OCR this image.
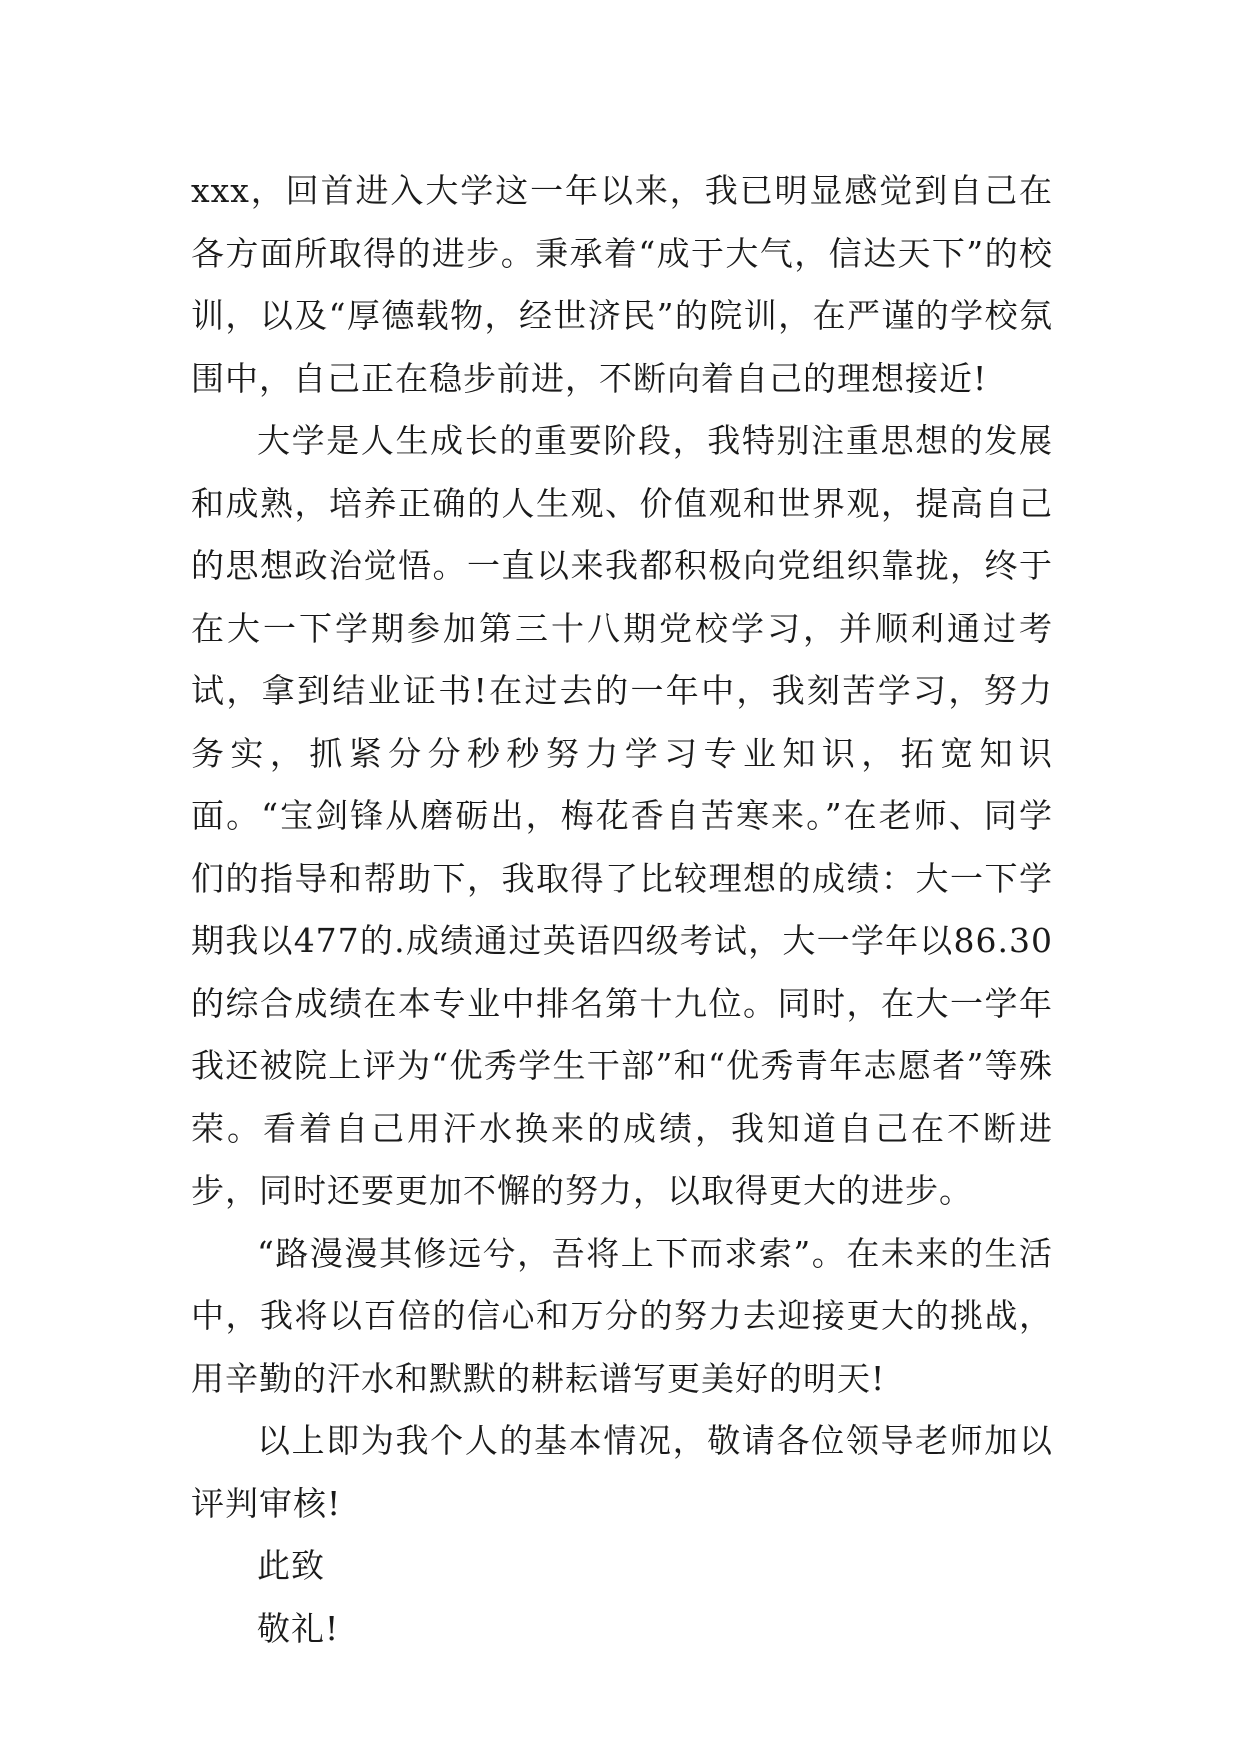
xxx，回首进入大学这一年以来，我已明显感觉到自己在各方面所取得的进步。秉承着“成于大气，信达天下”的校训，以及“厚德载物，经世济民”的院训，在严谨的学校氛围中，自己正在稳步前进，不断向着自己的理想接近!

大学是人生成长的重要阶段，我特别注重思想的发展和成熟，培养正确的人生观、价值观和世界观，提高自己的思想政治觉悟。一直以来我都积极向党组织靠拢，终于在大一下学期参加第三十八期党校学习，并顺利通过考试，拿到结业证书!在过去的一年中，我刻苦学习，努力务实，抓紧分分秒秒努力学习专业知识，拓宽知识面。“宝剑锋从磨砺出，梅花香自苦寒来。”在老师、同学们的指导和帮助下，我取得了比较理想的成绩：大一下学期我以477的.成绩通过英语四级考试，大一学年以86.30的综合成绩在本专业中排名第十九位。同时，在大一学年我还被院上评为“优秀学生干部”和“优秀青年志愿者”等殊荣。看着自己用汗水换来的成绩，我知道自己在不断进步，同时还要更加不懈的努力，以取得更大的进步。

“路漫漫其修远兮，吾将上下而求索”。在未来的生活中，我将以百倍的信心和万分的努力去迎接更大的挑战，用辛勤的汗水和默默的耕耘谱写更美好的明天!

以上即为我个人的基本情况，敬请各位领导老师加以评判审核!

此致

敬礼!
